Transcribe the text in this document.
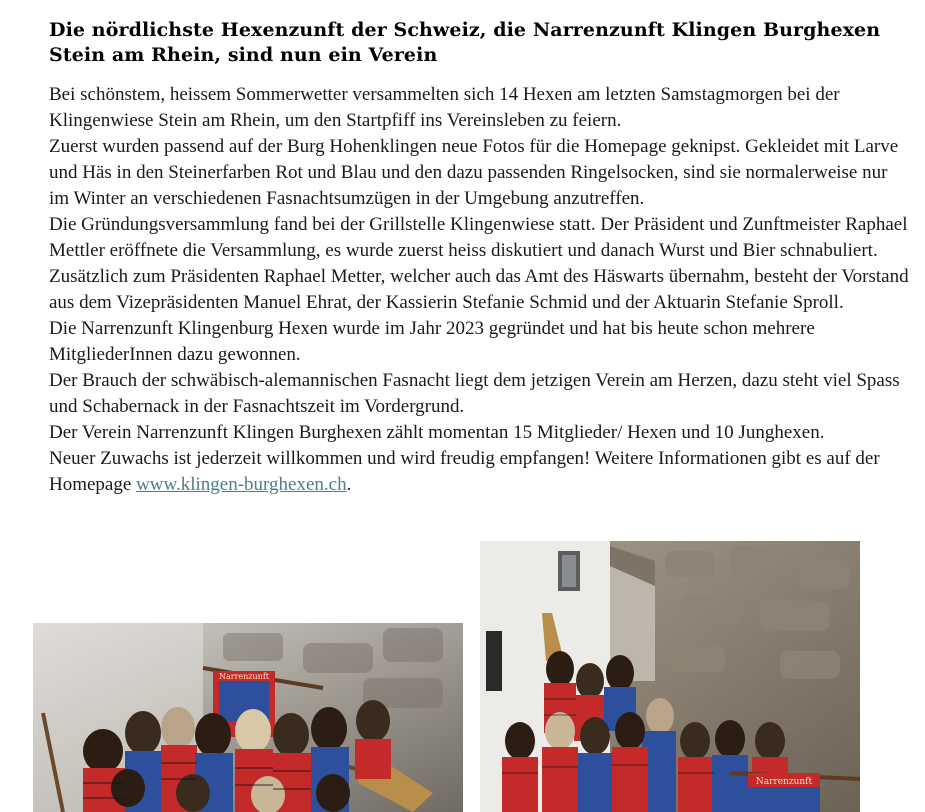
Die nördlichste Hexenzunft der Schweiz, die Narrenzunft Klingen Burghexen Stein am Rhein, sind nun ein Verein

Bei schönstem, heissem Sommerwetter versammelten sich 14 Hexen am letzten Samstagmorgen bei der Klingenwiese Stein am Rhein, um den Startpfiff ins Vereinsleben zu feiern.

Zuerst wurden passend auf der Burg Hohenklingen neue Fotos für die Homepage geknipst. Gekleidet mit Larve und Häs in den Steinerfarben Rot und Blau und den dazu passenden Ringelsocken, sind sie normalerweise nur im Winter an verschiedenen Fasnachtsumzügen in der Umgebung anzutreffen.

Die Gründungsversammlung fand bei der Grillstelle Klingenwiese statt. Der Präsident und Zunftmeister Raphael Mettler eröffnete die Versammlung, es wurde zuerst heiss diskutiert und danach Wurst und Bier schnabuliert. Zusätzlich zum Präsidenten Raphael Metter, welcher auch das Amt des Häswarts übernahm, besteht der Vorstand aus dem Vizepräsidenten Manuel Ehrat, der Kassierin Stefanie Schmid und der Aktuarin Stefanie Sproll.

Die Narrenzunft Klingenburg Hexen wurde im Jahr 2023 gegründet und hat bis heute schon mehrere MitgliederInnen dazu gewonnen.

Der Brauch der schwäbisch-alemannischen Fasnacht liegt dem jetzigen Verein am Herzen, dazu steht viel Spass und Schabernack in der Fasnachtszeit im Vordergrund.

Der Verein Narrenzunft Klingen Burghexen zählt momentan 15 Mitglieder/ Hexen und 10 Junghexen.

Neuer Zuwachs ist jederzeit willkommen und wird freudig empfangen! Weitere Informationen gibt es auf der Homepage www.klingen-burghexen.ch.

Narrenzunft
Narrenzunft
